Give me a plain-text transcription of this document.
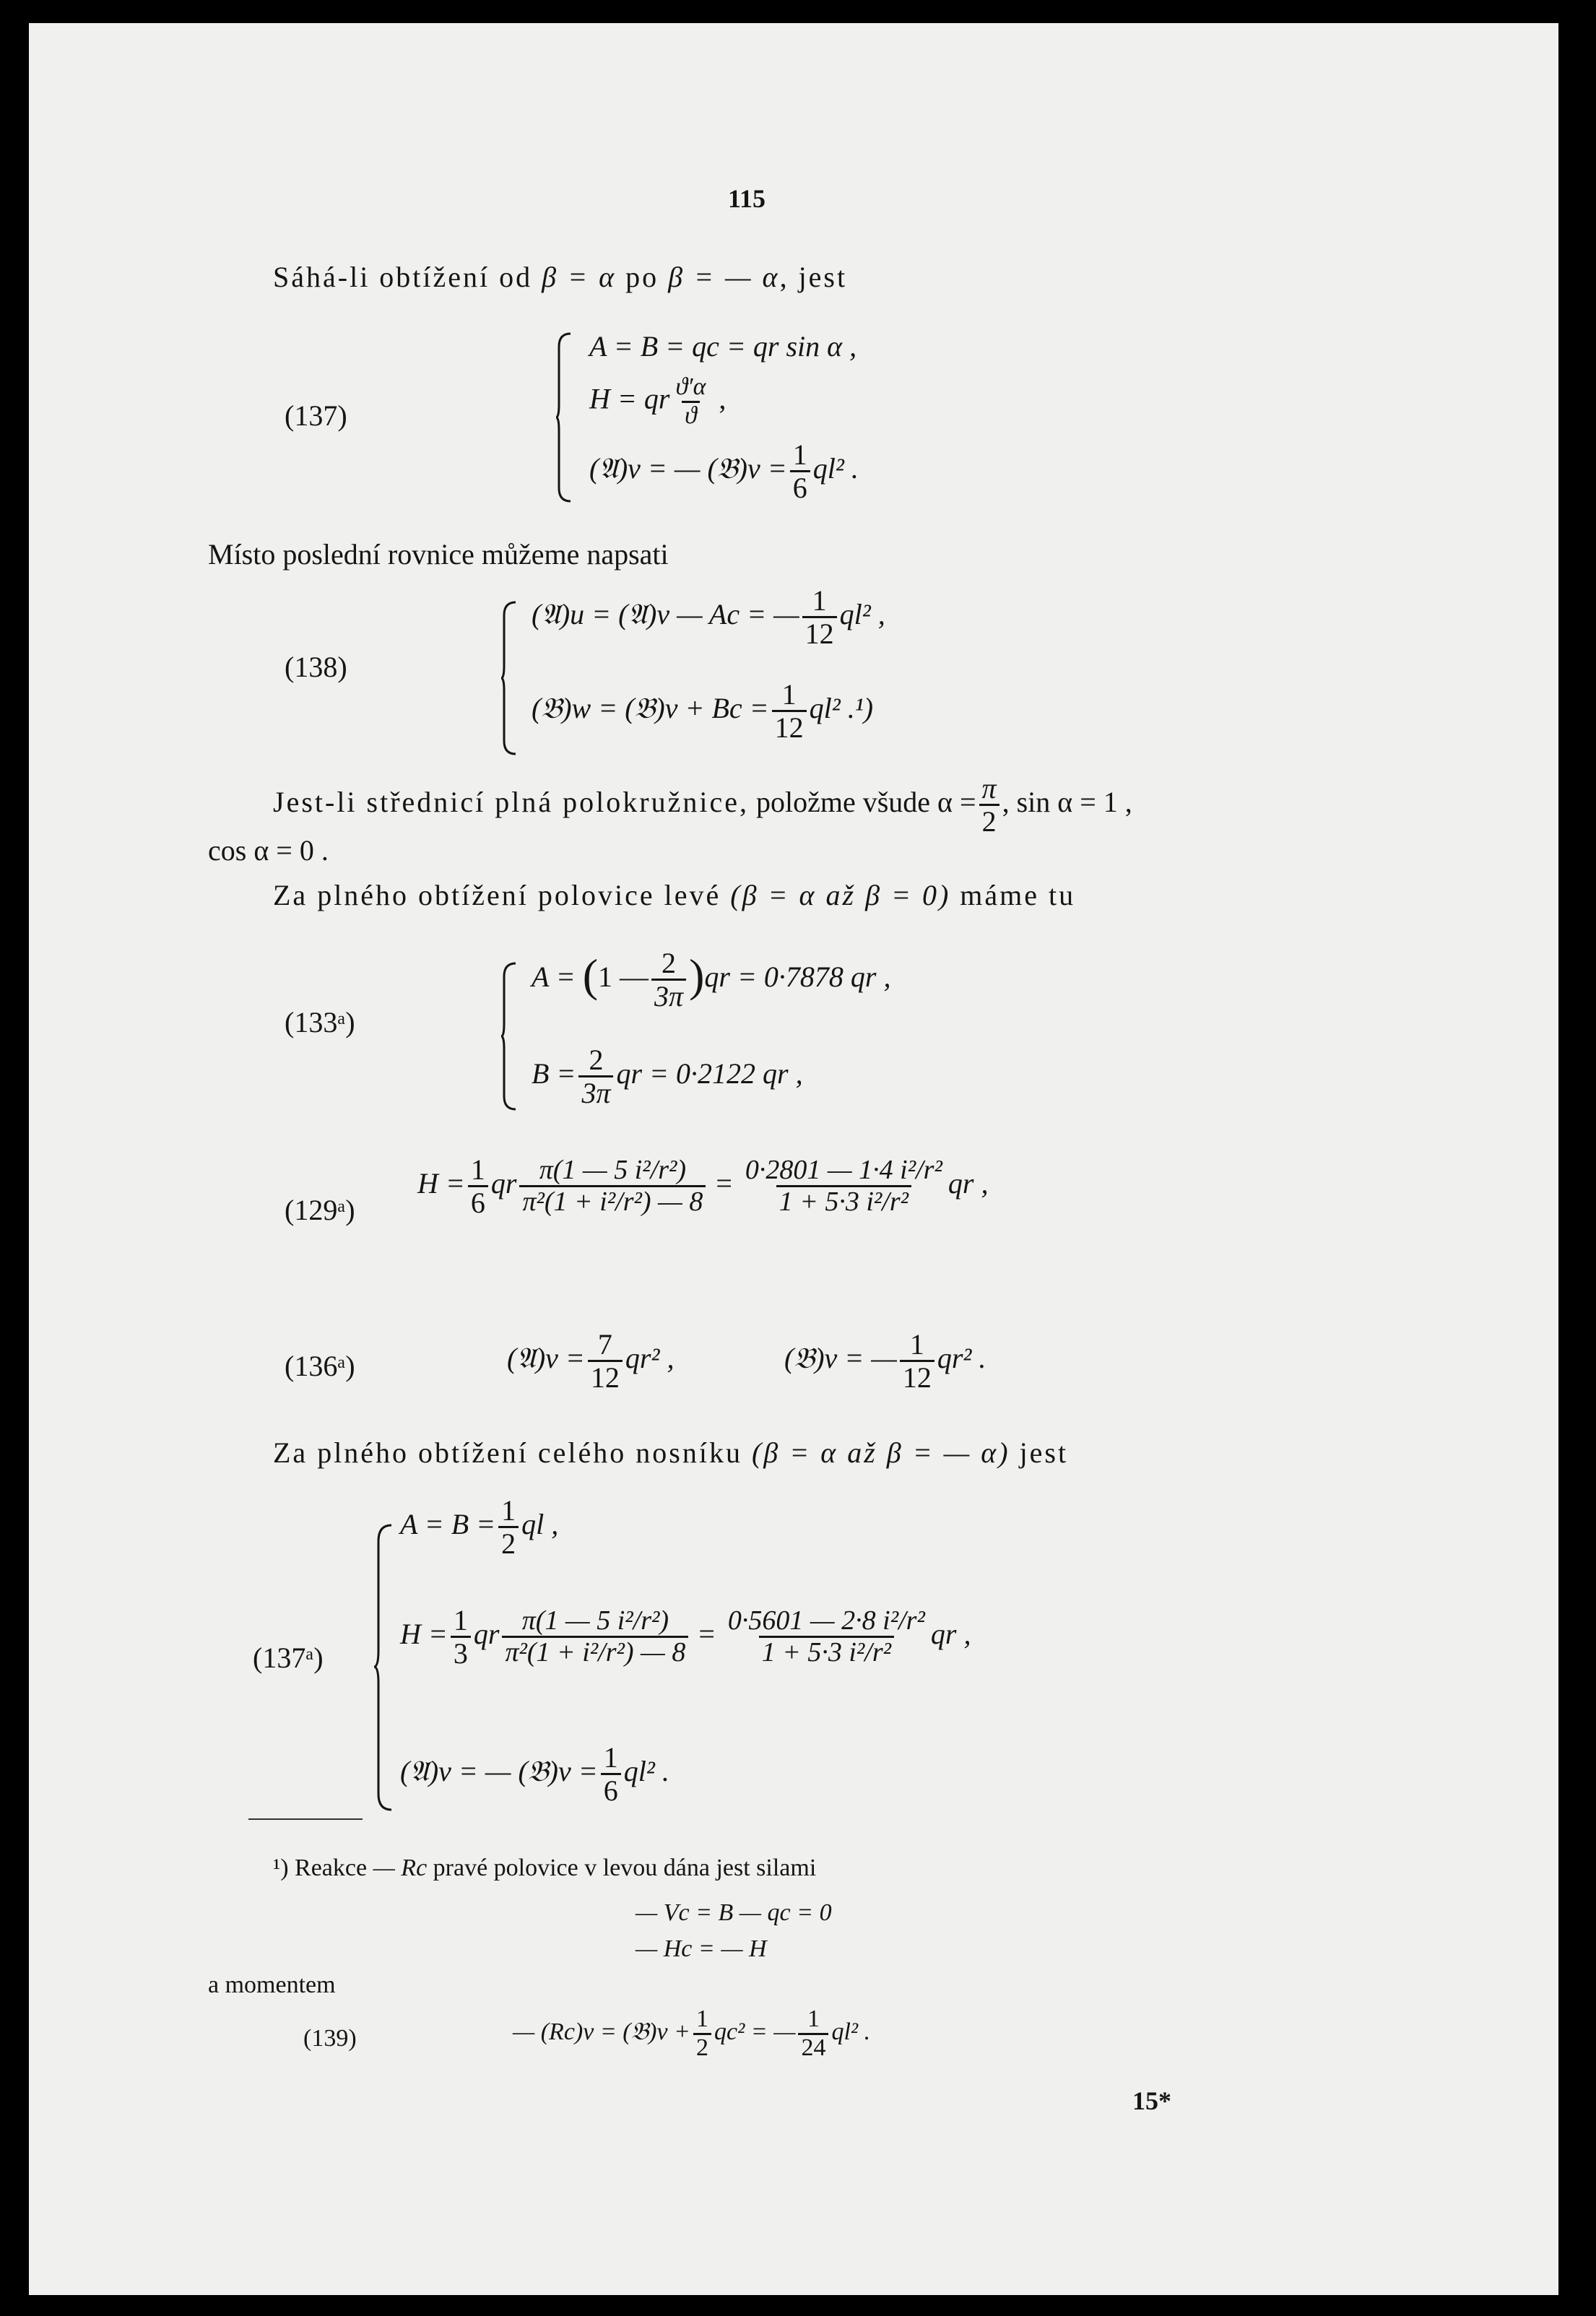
115
Sáhá-li obtížení od β = α po β = — α, jest
(137)
A = B = qc = qr sin α ,
H = qr $\frac{ϑ'\alpha}{ϑ}$ ,
(𝔄)v = — (𝔅)v = $\frac{1}{6} ql^2$ .
Místo poslední rovnice můžeme napsati
(138)
(𝔄)u = (𝔄)v — Ac = — $\frac{1}{12} ql^2$ ,
(𝔅)w = (𝔅)v + $Bc = \frac{1}{12} ql^2$ .¹)
Jest-li střednicí plná polokružnice, položme všude $\alpha = \frac{\pi}{2}$ , sin α = 1 ,
cos α = 0 .
Za plného obtížení polovice levé (β = α až β = 0) máme tu
(133ᵃ)
A = (1 — $\frac{2}{3\pi} )qr = 0\cdot 7878$ qr ,
$B = \frac{2}{3\pi}$ qr = 0·2122 qr ,
(129ᵃ)
$H = \frac{1}{6}$ qr $\frac{\text{π(1 — 5 i²/r²)}}{\text{π²(1 + i²/r²) — 8}} = \frac{\text{0·2801 — 1·4 i²/r²}}{\text{1 + 5·3 i²/r²}}$ qr ,
(136ᵃ)	(𝔄)v = $\frac{7}{12} qr^2$ ,	(𝔅)v = — $\frac{1}{12} qr^2$ .
Za plného obtížení celého nosníku (β = α až β = — α) jest
(137ᵃ)
$A = B = \frac{1}{2}$ ql ,
$H = \frac{1}{3}$ qr $\frac{\text{π(1 — 5 i²/r²)}}{\text{π²(1 + i²/r²) — 8}} = \frac{\text{0·5601 — 2·8 i²/r²}}{\text{1 + 5·3 i²/r²}}$ qr ,
(𝔄)v = — (𝔅)v = $\frac{1}{6} ql^2$ .
¹) Reakce — Rc pravé polovice v levou dána jest silami
— Vc = B — qc = 0
— Hc = — H
a momentem
(139)	— (Rc)v = (𝔅)v + $\frac{1}{2} qc^2$ = — $\frac{1}{24} ql^2$ .
15*
